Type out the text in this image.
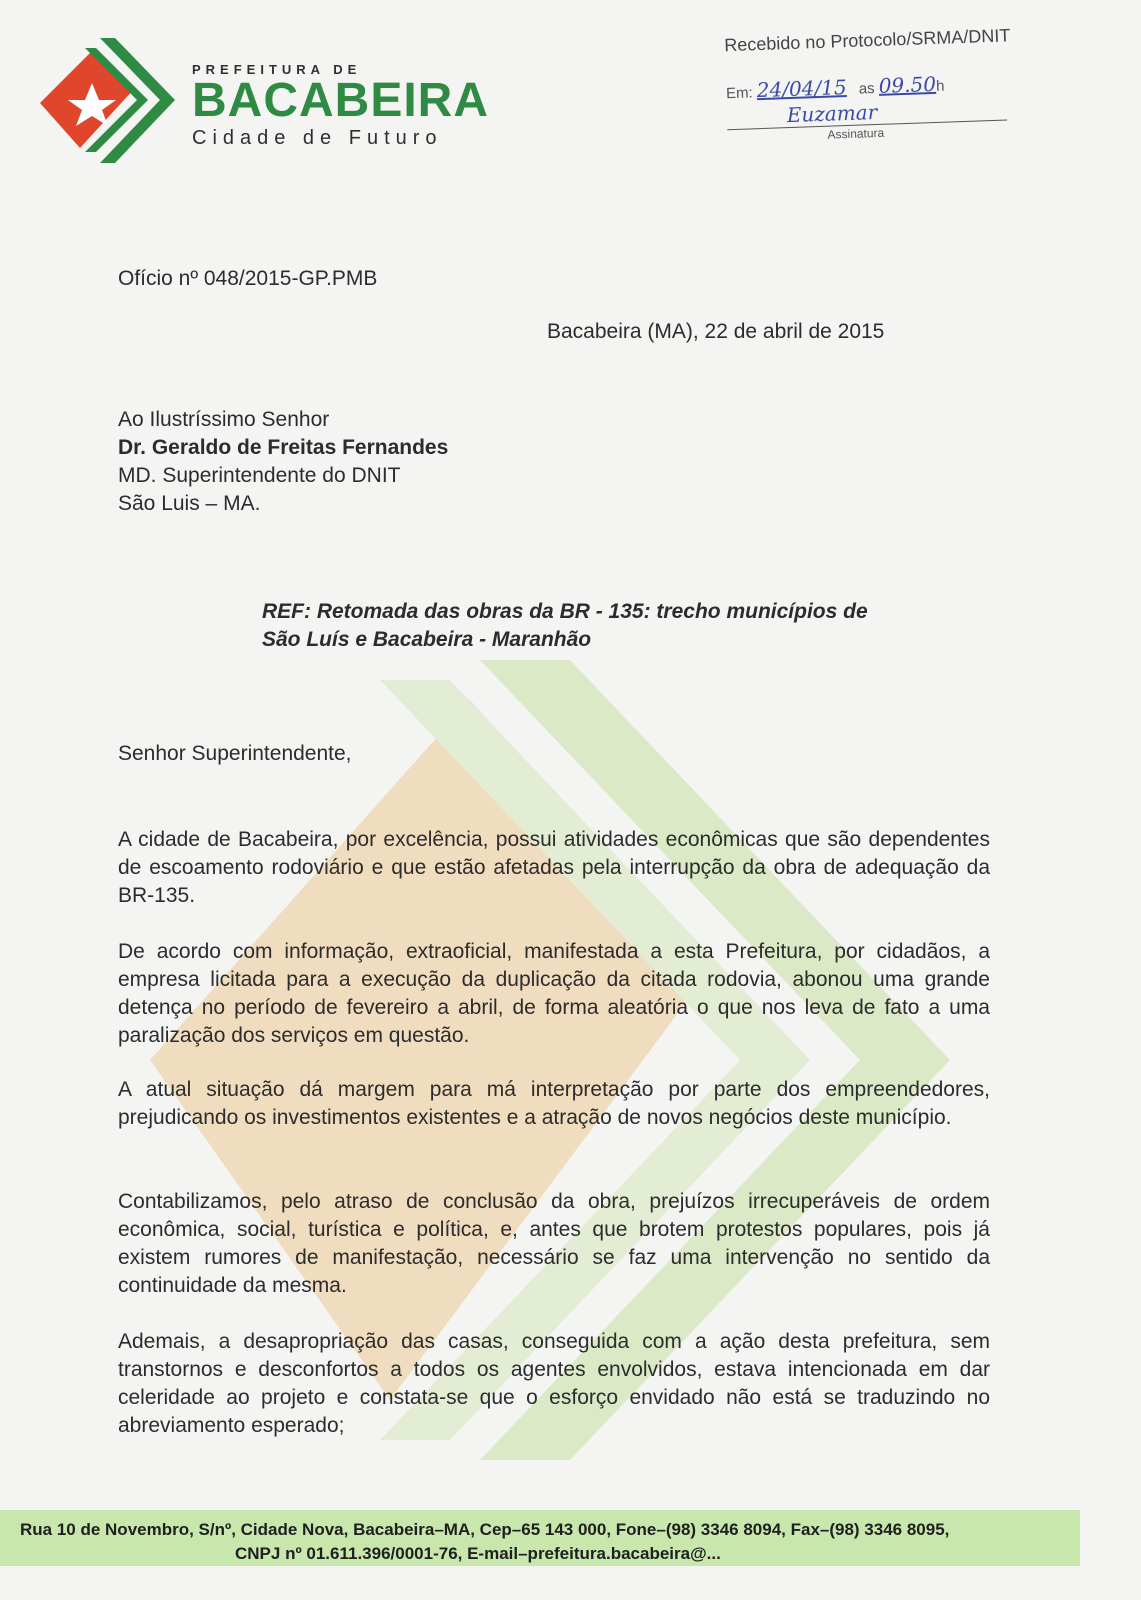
PREFEITURA DE
BACABEIRA
Cidade de Futuro
Recebido no Protocolo/SRMA/DNIT
Em: 24/04/15 as 09.50h
Euzamar
Assinatura
Ofício nº 048/2015-GP.PMB
Bacabeira (MA), 22 de abril de 2015
Ao Ilustríssimo Senhor
Dr. Geraldo de Freitas Fernandes
MD. Superintendente do DNIT
São Luis – MA.
REF: Retomada das obras da BR - 135: trecho municípios de
São Luís e Bacabeira - Maranhão
Senhor Superintendente,
A cidade de Bacabeira, por excelência, possui atividades econômicas que são dependentes de escoamento rodoviário e que estão afetadas pela interrupção da obra de adequação da BR-135.
De acordo com informação, extraoficial, manifestada a esta Prefeitura, por cidadãos, a empresa licitada para a execução da duplicação da citada rodovia, abonou uma grande detença no período de fevereiro a abril, de forma aleatória o que nos leva de fato a uma paralização dos serviços em questão.
A atual situação dá margem para má interpretação por parte dos empreendedores, prejudicando os investimentos existentes e a atração de novos negócios deste município.
Contabilizamos, pelo atraso de conclusão da obra, prejuízos irrecuperáveis de ordem econômica, social, turística e política, e, antes que brotem protestos populares, pois já existem rumores de manifestação, necessário se faz uma intervenção no sentido da continuidade da mesma.
Ademais, a desapropriação das casas, conseguida com a ação desta prefeitura, sem transtornos e desconfortos a todos os agentes envolvidos, estava intencionada em dar celeridade ao projeto e constata-se que o esforço envidado não está se traduzindo no abreviamento esperado;
Rua 10 de Novembro, S/nº, Cidade Nova, Bacabeira–MA, Cep–65 143 000, Fone–(98) 3346 8094, Fax–(98) 3346 8095,
CNPJ nº 01.611.396/0001-76, E-mail–prefeitura.bacabeira@...
